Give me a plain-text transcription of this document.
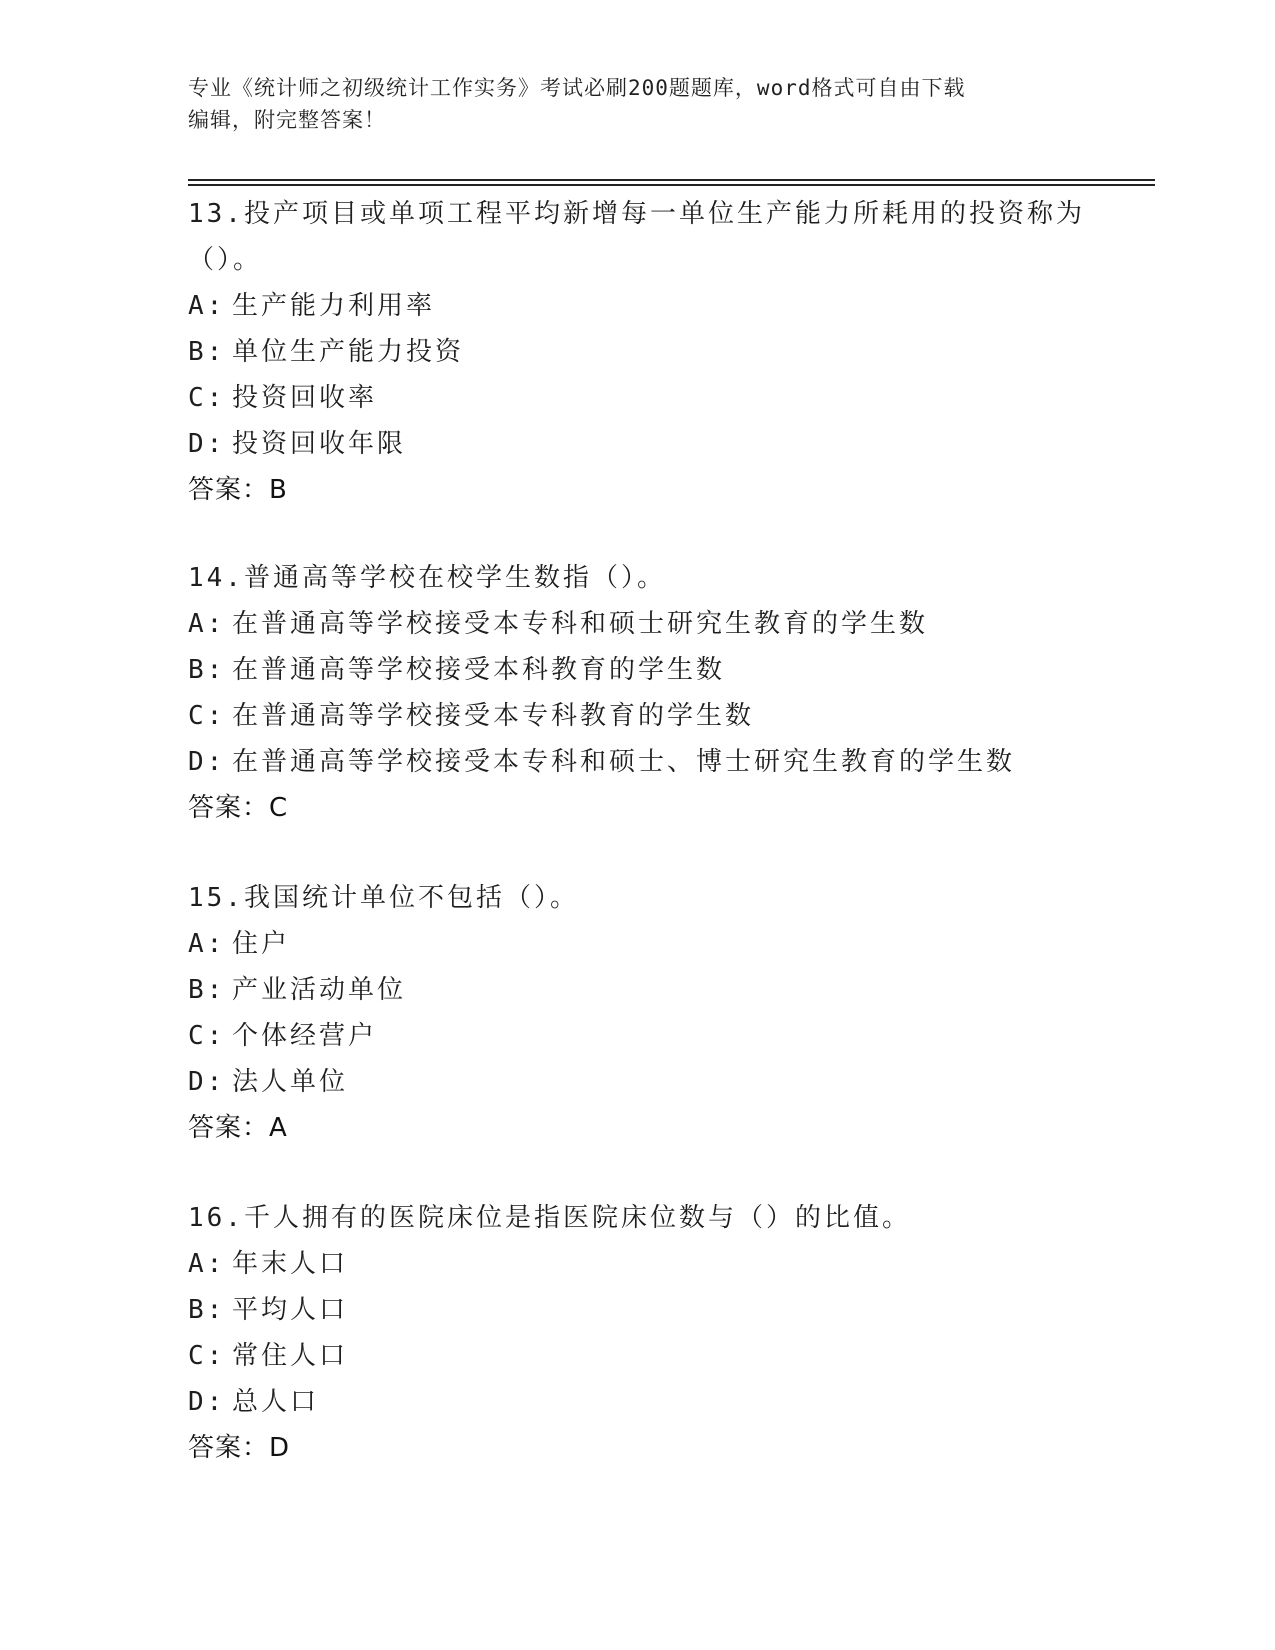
专业《统计师之初级统计工作实务》考试必刷200题题库，word格式可自由下载
编辑，附完整答案！

13.投产项目或单项工程平均新增每一单位生产能力所耗用的投资称为（）。

A: 生产能力利用率

B: 单位生产能力投资

C: 投资回收率

D: 投资回收年限

答案：B

14.普通高等学校在校学生数指（）。

A: 在普通高等学校接受本专科和硕士研究生教育的学生数

B: 在普通高等学校接受本科教育的学生数

C: 在普通高等学校接受本专科教育的学生数

D: 在普通高等学校接受本专科和硕士、博士研究生教育的学生数

答案：C

15.我国统计单位不包括（）。

A: 住户

B: 产业活动单位

C: 个体经营户

D: 法人单位

答案：A

16.千人拥有的医院床位是指医院床位数与（）的比值。

A: 年末人口

B: 平均人口

C: 常住人口

D: 总人口

答案：D
